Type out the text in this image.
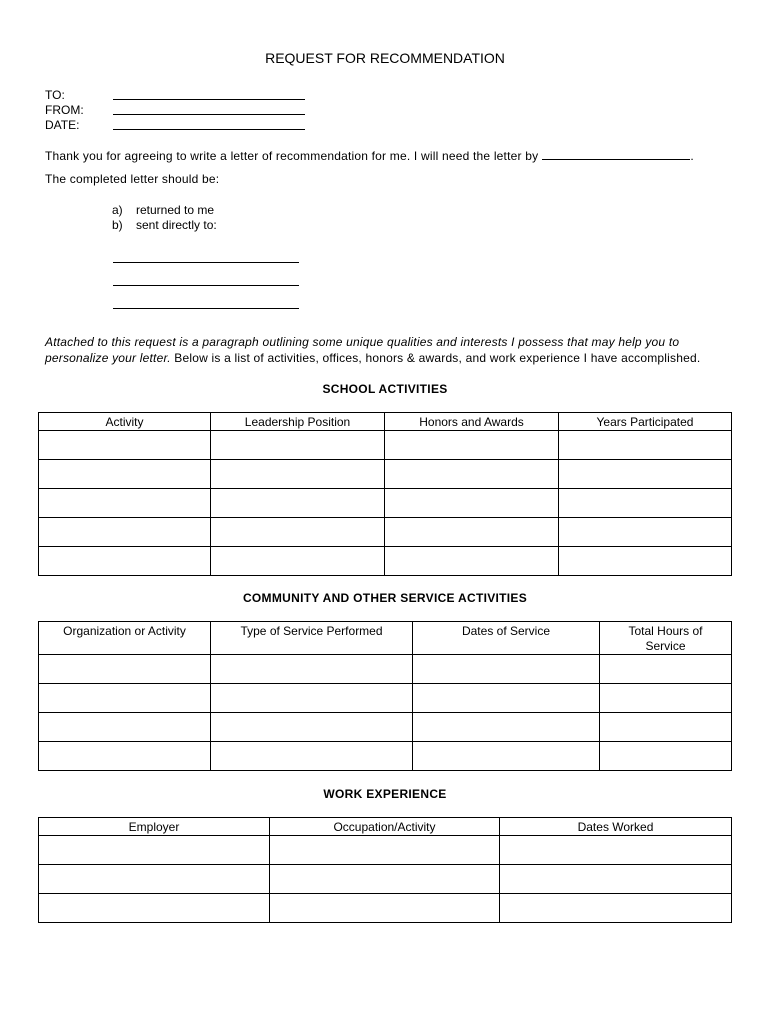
REQUEST FOR RECOMMENDATION
TO:
FROM:
DATE:
Thank you for agreeing to write a letter of recommendation for me. I will need the letter by	.
The completed letter should be:
a) returned to me
b) sent directly to:
Attached to this request is a paragraph outlining some unique qualities and interests I possess that may help you to
personalize your letter. Below is a list of activities, offices, honors & awards, and work experience I have accomplished.
SCHOOL ACTIVITIES
Activity	Leadership Position	Honors and Awards	Years Participated

COMMUNITY AND OTHER SERVICE ACTIVITIES
Organization or Activity	Type of Service Performed	Dates of Service	Total Hours of Service

WORK EXPERIENCE
Employer	Occupation/Activity	Dates Worked
